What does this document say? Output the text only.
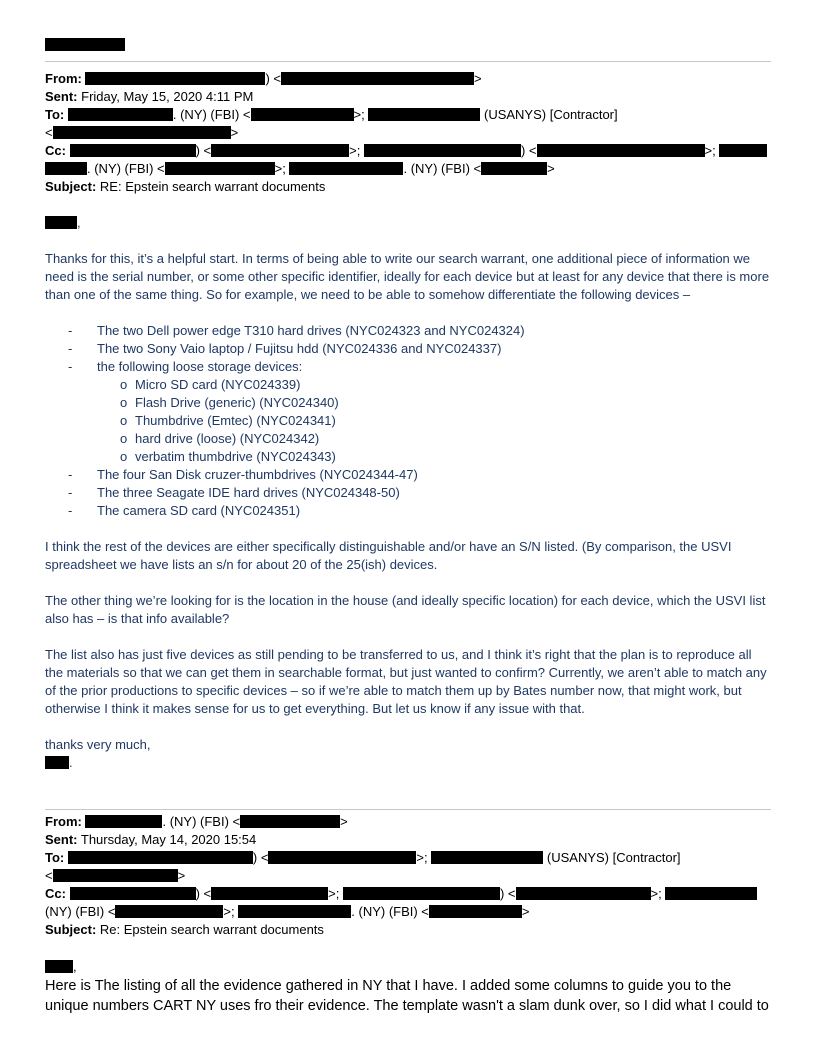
From:	) <	>
Sent: Friday, May 15, 2020 4:11 PM
To:	. (NY) (FBI) <	>;	(USANYS) [Contractor]
<	>
Cc:	) <	>;	) <	>;
. (NY) (FBI) <	>;	. (NY) (FBI) <	>
Subject: RE: Epstein search warrant documents
,
Thanks for this, it’s a helpful start. In terms of being able to write our search warrant, one additional piece of information we need is the serial number, or some other specific identifier, ideally for each device but at least for any device that there is more than one of the same thing. So for example, we need to be able to somehow differentiate the following devices –
- The two Dell power edge T310 hard drives (NYC024323 and NYC024324)
- The two Sony Vaio laptop / Fujitsu hdd (NYC024336 and NYC024337)
- the following loose storage devices:
o Micro SD card (NYC024339)
o Flash Drive (generic) (NYC024340)
o Thumbdrive (Emtec) (NYC024341)
o hard drive (loose) (NYC024342)
o verbatim thumbdrive (NYC024343)
- The four San Disk cruzer-thumbdrives (NYC024344-47)
- The three Seagate IDE hard drives (NYC024348-50)
- The camera SD card (NYC024351)
I think the rest of the devices are either specifically distinguishable and/or have an S/N listed. (By comparison, the USVI spreadsheet we have lists an s/n for about 20 of the 25(ish) devices.
The other thing we’re looking for is the location in the house (and ideally specific location) for each device, which the USVI list also has – is that info available?
The list also has just five devices as still pending to be transferred to us, and I think it’s right that the plan is to reproduce all the materials so that we can get them in searchable format, but just wanted to confirm? Currently, we aren’t able to match any of the prior productions to specific devices – so if we’re able to match them up by Bates number now, that might work, but otherwise I think it makes sense for us to get everything. But let us know if any issue with that.
thanks very much,
.
From:	. (NY) (FBI) <	>
Sent: Thursday, May 14, 2020 15:54
To:	) <	>;	(USANYS) [Contractor]
<	>
Cc:	) <	>;	) <	>;
(NY) (FBI) <	>;	. (NY) (FBI) <	>
Subject: Re: Epstein search warrant documents
,
Here is The listing of all the evidence gathered in NY that I have. I added some columns to guide you to the unique numbers CART NY uses fro their evidence. The template wasn't a slam dunk over, so I did what I could to
